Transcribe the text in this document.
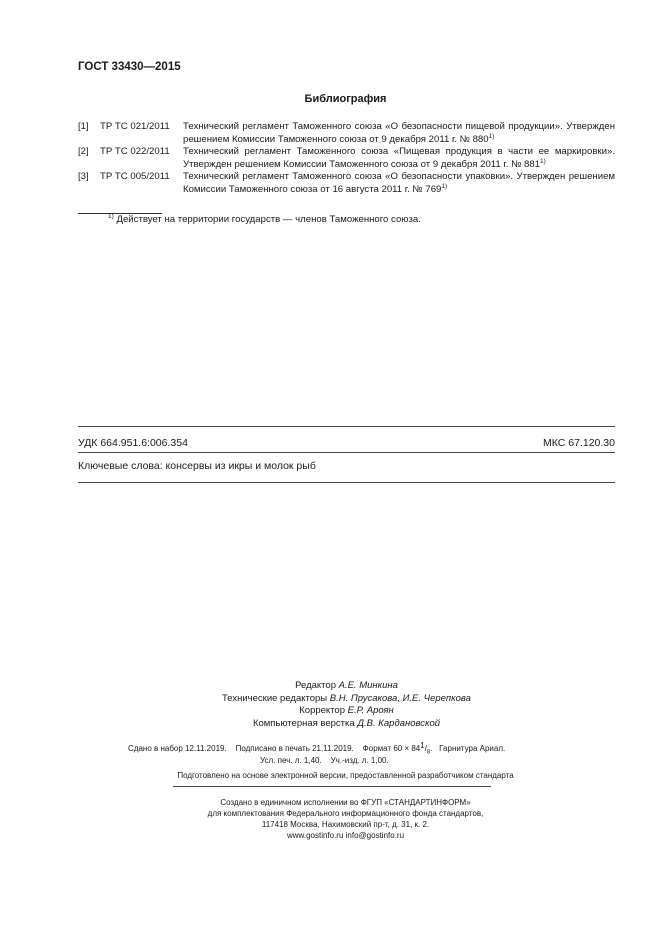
ГОСТ 33430—2015
Библиография
[1]	ТР ТС 021/2011	Технический регламент Таможенного союза «О безопасности пищевой продукции». Утвержден решением Комиссии Таможенного союза от 9 декабря 2011 г. № 880$^{1)}$
[2]	ТР ТС 022/2011	Технический регламент Таможенного союза «Пищевая продукция в части ее маркировки». Утвержден решением Комиссии Таможенного союза от 9 декабря 2011 г. № 881$^{1)}$
[3]	ТР ТС 005/2011	Технический регламент Таможенного союза «О безопасности упаковки». Утвержден решением Комиссии Таможенного союза от 16 августа 2011 г. № 769$^{1)}$
$^{1)}$ Действует на территории государств — членов Таможенного союза.
УДК 664.951.6:006.354	МКС 67.120.30
Ключевые слова: консервы из икры и молок рыб
Редактор А.Е. Минкина
Технические редакторы В.Н. Прусакова, И.Е. Черепкова
Корректор Е.Р. Ароян
Компьютерная верстка Д.В. Кардановской
Сдано в набор 12.11.2019. Подписано в печать 21.11.2019. Формат $60 \times 84^1/_8$.   Гарнитура Ариал.
Усл. печ. л. 1,40. Уч.-изд. л. 1,00.
Подготовлено на основе электронной версии, предоставленной разработчиком стандарта
Создано в единичном исполнении во ФГУП «СТАНДАРТИНФОРМ»
для комплектования Федерального информационного фонда стандартов,
117418 Москва, Нахимовский пр-т, д. 31, к. 2.
www.gostinfo.ru info@gostinfo.ru
